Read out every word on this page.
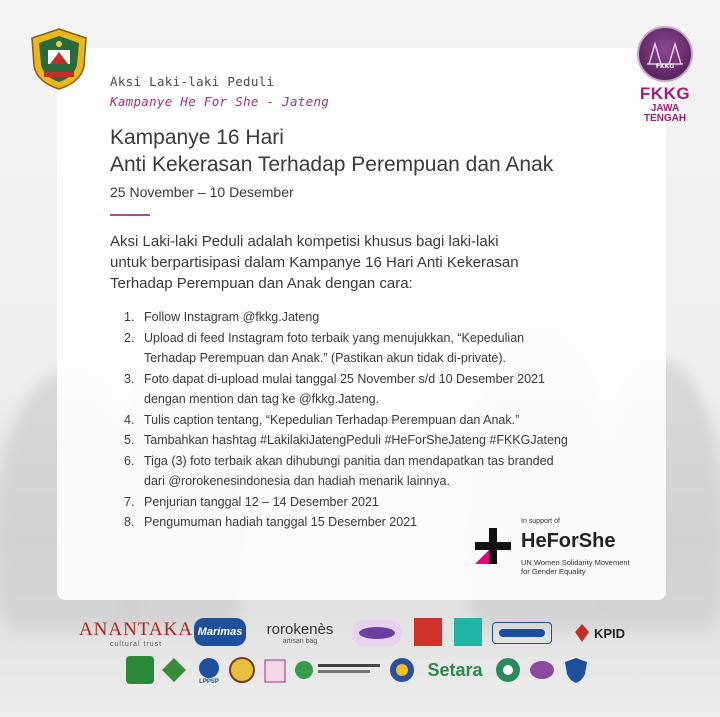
FKKG
FKKG
JAWA TENGAH
Aksi Laki-laki Peduli
Kampanye He For She - Jateng
Kampanye 16 Hari
Anti Kekerasan Terhadap Perempuan dan Anak
25 November – 10 Desember
Aksi Laki-laki Peduli adalah kompetisi khusus bagi laki-laki
untuk berpartisipasi dalam Kampanye 16 Hari Anti Kekerasan
Terhadap Perempuan dan Anak dengan cara:
1. Follow Instagram @fkkg.Jateng
2. Upload di feed Instagram foto terbaik yang menujukkan, “Kepedulian
Terhadap Perempuan dan Anak.” (Pastikan akun tidak di-private).
3. Foto dapat di-upload mulai tanggal 25 November s/d 10 Desember 2021
dengan mention dan tag ke @fkkg.Jateng.
4. Tulis caption tentang, “Kepedulian Terhadap Perempuan dan Anak.”
5. Tambahkan hashtag #LakilakiJatengPeduli #HeForSheJateng #FKKGJateng
6. Tiga (3) foto terbaik akan dihubungi panitia dan mendapatkan tas branded
dari @rorokenesindonesia dan hadiah menarik lainnya.
7. Penjurian tanggal 12 – 14 Desember 2021
8. Pengumuman hadiah tanggal 15 Desember 2021	In support of
HeForShe
UN Women Solidarity Movement
for Gender Equality
ANANTAKA
cultural trust
Marimas rorokenès
artisan bag
KPID
LPPSP
Setara
